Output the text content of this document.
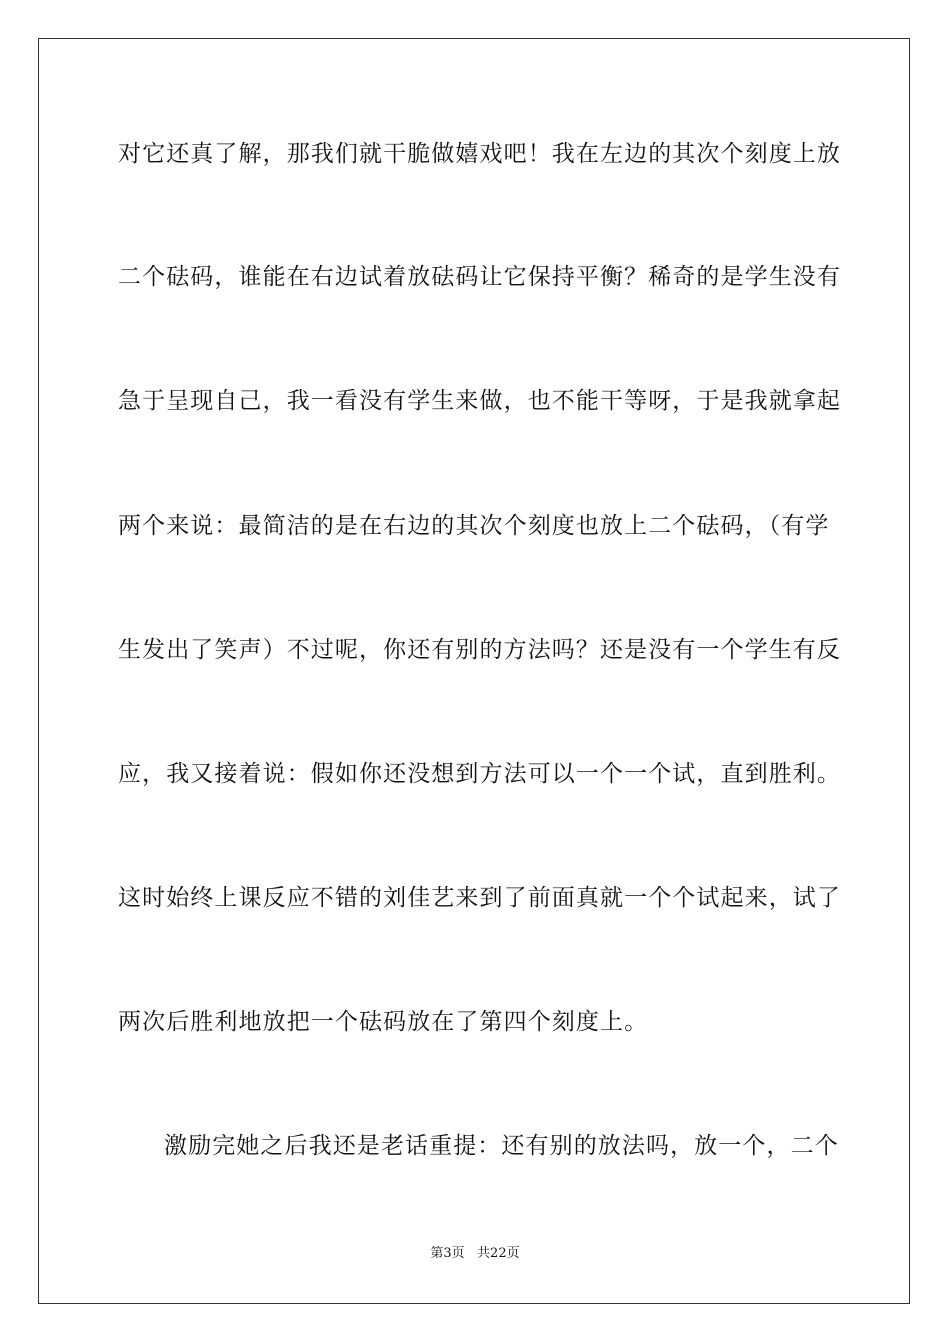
对它还真了解，那我们就干脆做嬉戏吧！我在左边的其次个刻度上放
二个砝码，谁能在右边试着放砝码让它保持平衡？稀奇的是学生没有
急于呈现自己，我一看没有学生来做，也不能干等呀，于是我就拿起
两个来说：最简洁的是在右边的其次个刻度也放上二个砝码，（有学
生发出了笑声）不过呢，你还有别的方法吗？还是没有一个学生有反
应，我又接着说：假如你还没想到方法可以一个一个试，直到胜利。
这时始终上课反应不错的刘佳艺来到了前面真就一个个试起来，试了
两次后胜利地放把一个砝码放在了第四个刻度上。
激励完她之后我还是老话重提：还有别的放法吗，放一个，二个
第3页   共22页
